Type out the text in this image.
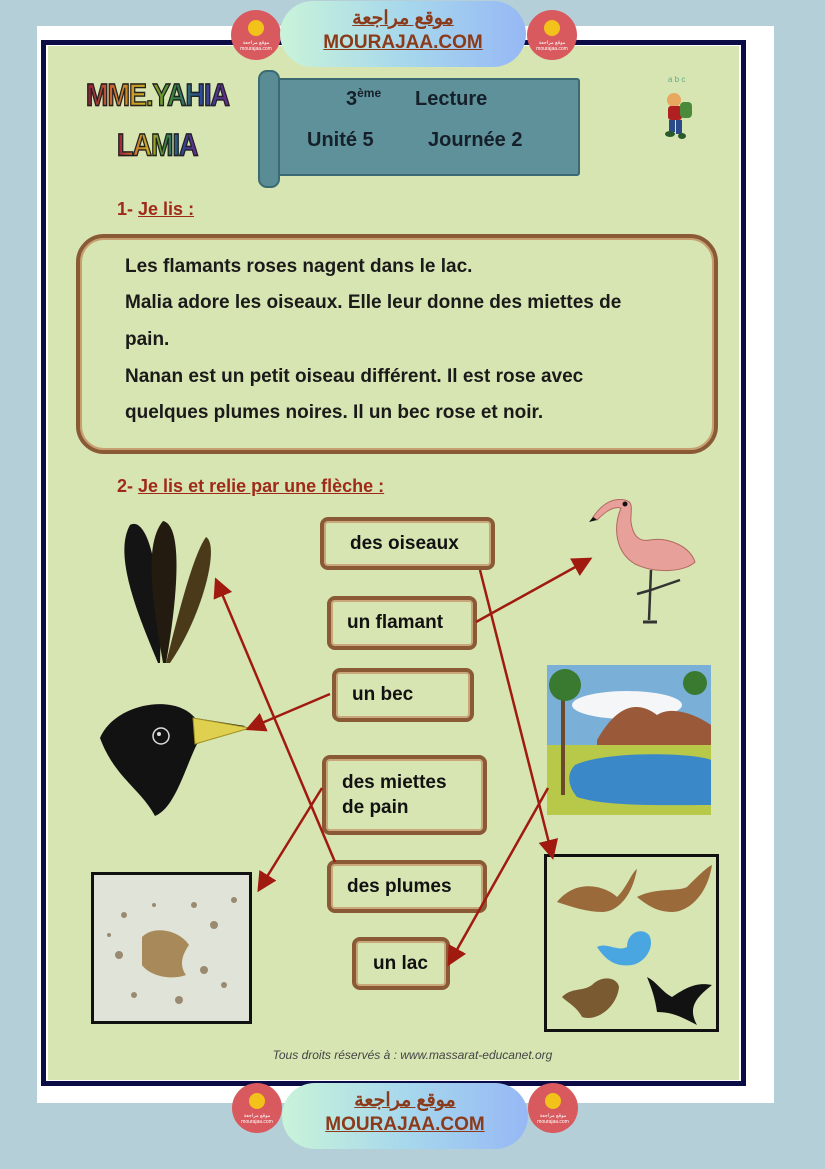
MME.YAHIA
LAMIA
3ème Lecture
Unité 5	Journée 2
a b c
1- Je lis :
Les flamants roses nagent dans le lac.
Malia adore les oiseaux. Elle leur donne des miettes de
pain.
Nanan est un petit oiseau différent. Il est rose avec
quelques plumes noires. Il un bec rose et noir.
2- Je lis et relie par une flèche :
des oiseaux
un flamant
un bec
des miettes
de pain
des plumes
un lac
Tous droits réservés à : www.massarat-educanet.org
موقع مراجعة mourajaa.com
موقع مراجعة
MOURAJAA.COM	موقع مراجعة mourajaa.com
موقع مراجعة mourajaa.com
موقع مراجعة
MOURAJAA.COM	موقع مراجعة mourajaa.com
